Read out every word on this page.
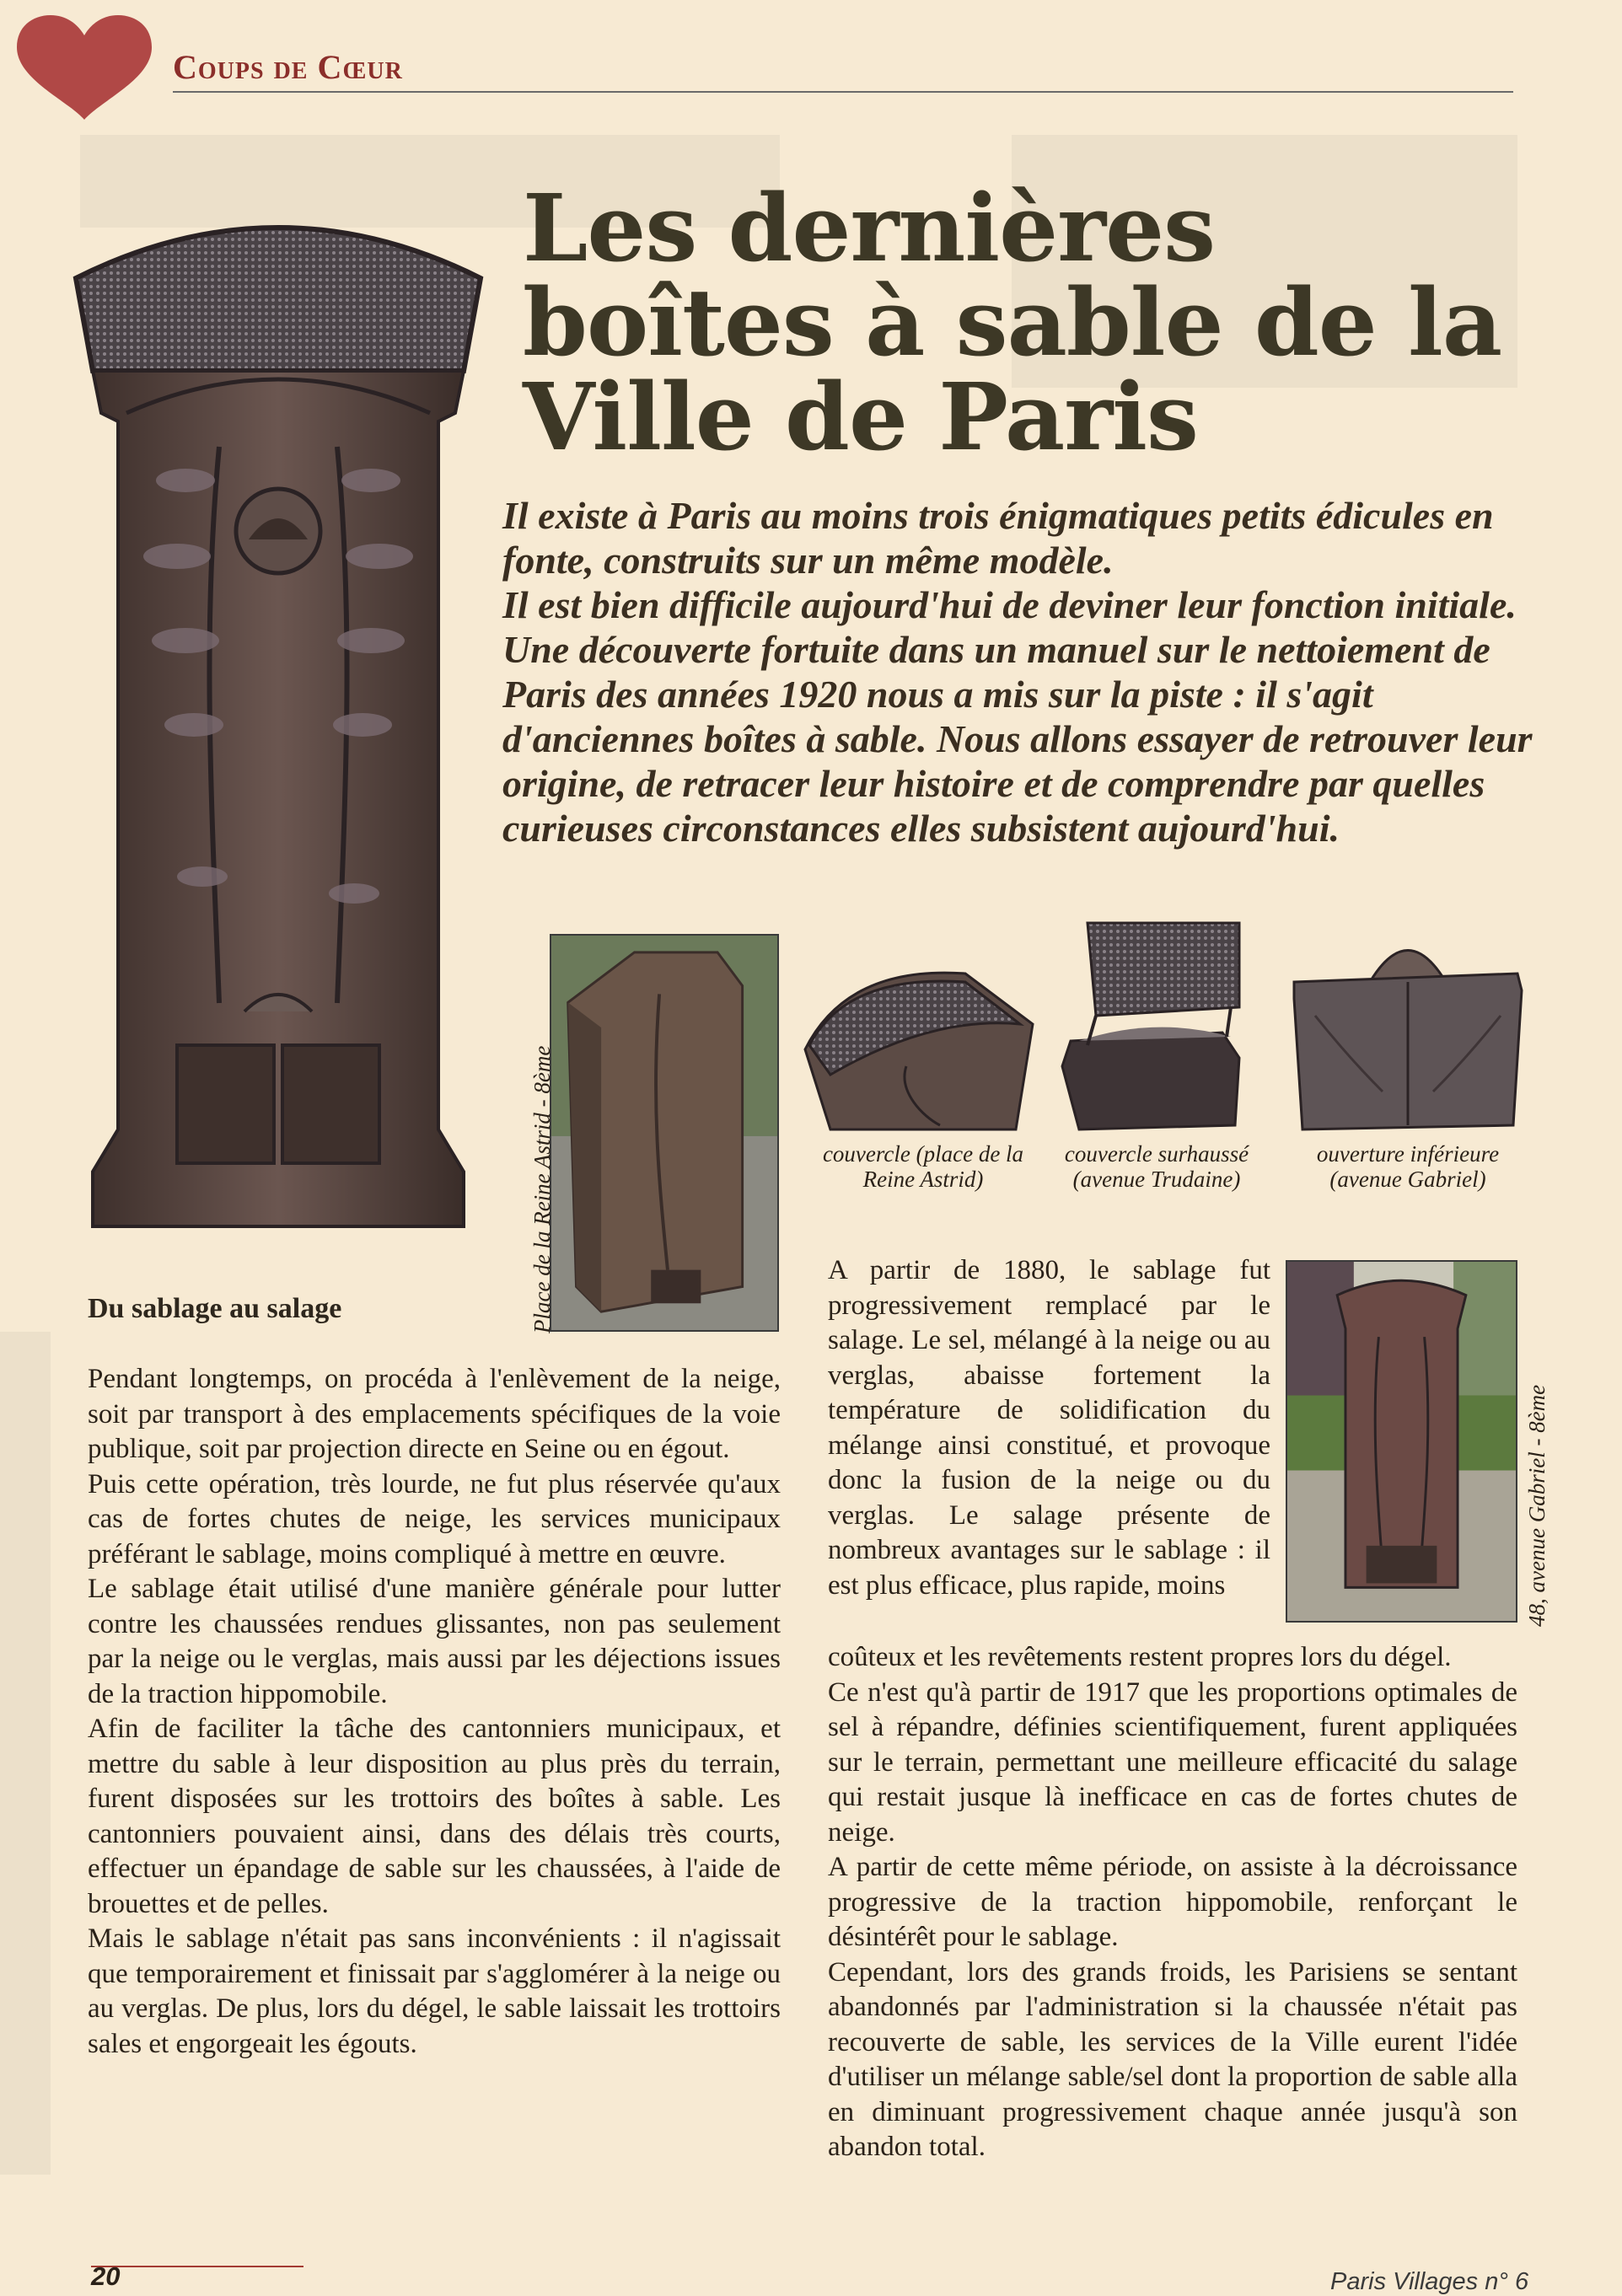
Coups de Cœur
Les dernières boîtes à sable de la Ville de Paris

Il existe à Paris au moins trois énigmatiques petits édicules en fonte, construits sur un même modèle.

Il est bien difficile aujourd'hui de deviner leur fonction initiale. Une découverte fortuite dans un manuel sur le nettoiement de Paris des années 1920 nous a mis sur la piste : il s'agit d'anciennes boîtes à sable. Nous allons essayer de retrouver leur origine, de retracer leur histoire et de comprendre par quelles curieuses circonstances elles subsistent aujourd'hui.

Place de la Reine Astrid - 8ème	couvercle (place de la Reine Astrid)
couvercle surhaussé (avenue Trudaine)
ouverture inférieure (avenue Gabriel)
48, avenue Gabriel - 8ème
Du sablage au salage

Pendant longtemps, on procéda à l'enlèvement de la neige, soit par transport à des emplacements spécifiques de la voie publique, soit par projection directe en Seine ou en égout.

Puis cette opération, très lourde, ne fut plus réservée qu'aux cas de fortes chutes de neige, les services municipaux préférant le sablage, moins compliqué à mettre en œuvre.

Le sablage était utilisé d'une manière générale pour lutter contre les chaussées rendues glissantes, non pas seulement par la neige ou le verglas, mais aussi par les déjections issues de la traction hippomobile.

Afin de faciliter la tâche des cantonniers municipaux, et mettre du sable à leur disposition au plus près du terrain, furent disposées sur les trottoirs des boîtes à sable. Les cantonniers pouvaient ainsi, dans des délais très courts, effectuer un épandage de sable sur les chaussées, à l'aide de brouettes et de pelles.

Mais le sablage n'était pas sans inconvénients : il n'agissait que temporairement et finissait par s'agglomérer à la neige ou au verglas. De plus, lors du dégel, le sable laissait les trottoirs sales et engorgeait les égouts.

A partir de 1880, le sablage fut progressivement remplacé par le salage. Le sel, mélangé à la neige ou au verglas, abaisse fortement la température de solidification du mélange ainsi constitué, et provoque donc la fusion de la neige ou du verglas. Le salage présente de nombreux avantages sur le sablage : il est plus efficace, plus rapide, moins

coûteux et les revêtements restent propres lors du dégel.

Ce n'est qu'à partir de 1917 que les proportions optimales de sel à répandre, définies scientifiquement, furent appliquées sur le terrain, permettant une meilleure efficacité du salage qui restait jusque là inefficace en cas de fortes chutes de neige.

A partir de cette même période, on assiste à la décroissance progressive de la traction hippomobile, renforçant le désintérêt pour le sablage.

Cependant, lors des grands froids, les Parisiens se sentant abandonnés par l'administration si la chaussée n'était pas recouverte de sable, les services de la Ville eurent l'idée d'utiliser un mélange sable/sel dont la proportion de sable alla en diminuant progressivement chaque année jusqu'à son abandon total.

20	Paris Villages n° 6
